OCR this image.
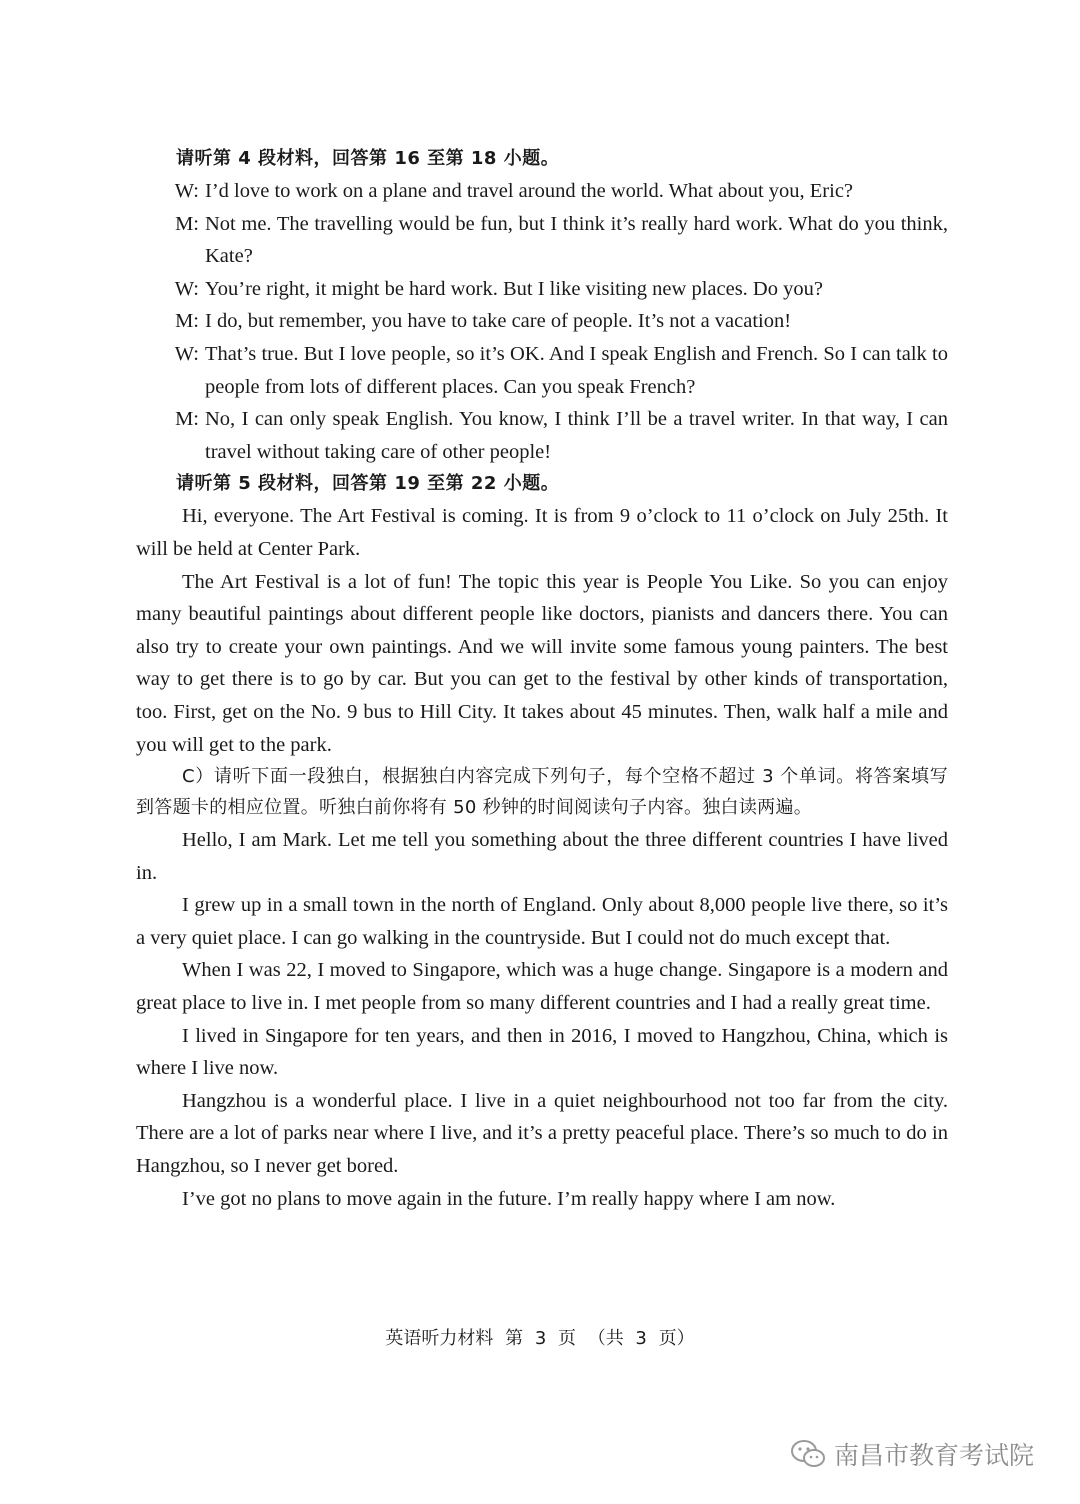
请听第 4 段材料，回答第 16 至第 18 小题。
W: I’d love to work on a plane and travel around the world. What about you, Eric?
M: Not me. The travelling would be fun, but I think it’s really hard work. What do you think, Kate?
W: You’re right, it might be hard work. But I like visiting new places. Do you?
M: I do, but remember, you have to take care of people. It’s not a vacation!
W: That’s true. But I love people, so it’s OK. And I speak English and French. So I can talk to people from lots of different places. Can you speak French?
M: No, I can only speak English. You know, I think I’ll be a travel writer. In that way, I can travel without taking care of other people!
请听第 5 段材料，回答第 19 至第 22 小题。

Hi, everyone. The Art Festival is coming. It is from 9 o’clock to 11 o’clock on July 25th. It will be held at Center Park.

The Art Festival is a lot of fun! The topic this year is People You Like. So you can enjoy many beautiful paintings about different people like doctors, pianists and dancers there. You can also try to create your own paintings. And we will invite some famous young painters. The best way to get there is to go by car. But you can get to the festival by other kinds of transportation, too. First, get on the No. 9 bus to Hill City. It takes about 45 minutes. Then, walk half a mile and you will get to the park.

C）请听下面一段独白，根据独白内容完成下列句子，每个空格不超过 3 个单词。将答案填写到答题卡的相应位置。听独白前你将有 50 秒钟的时间阅读句子内容。独白读两遍。

Hello, I am Mark. Let me tell you something about the three different countries I have lived in.

I grew up in a small town in the north of England. Only about 8,000 people live there, so it’s a very quiet place. I can go walking in the countryside. But I could not do much except that.

When I was 22, I moved to Singapore, which was a huge change. Singapore is a modern and great place to live in. I met people from so many different countries and I had a really great time.

I lived in Singapore for ten years, and then in 2016, I moved to Hangzhou, China, which is where I live now.

Hangzhou is a wonderful place. I live in a quiet neighbourhood not too far from the city. There are a lot of parks near where I live, and it’s a pretty peaceful place. There’s so much to do in Hangzhou, so I never get bored.

I’ve got no plans to move again in the future. I’m really happy where I am now.

英语听力材料 第 3 页 （共 3 页）
南昌市教育考试院
